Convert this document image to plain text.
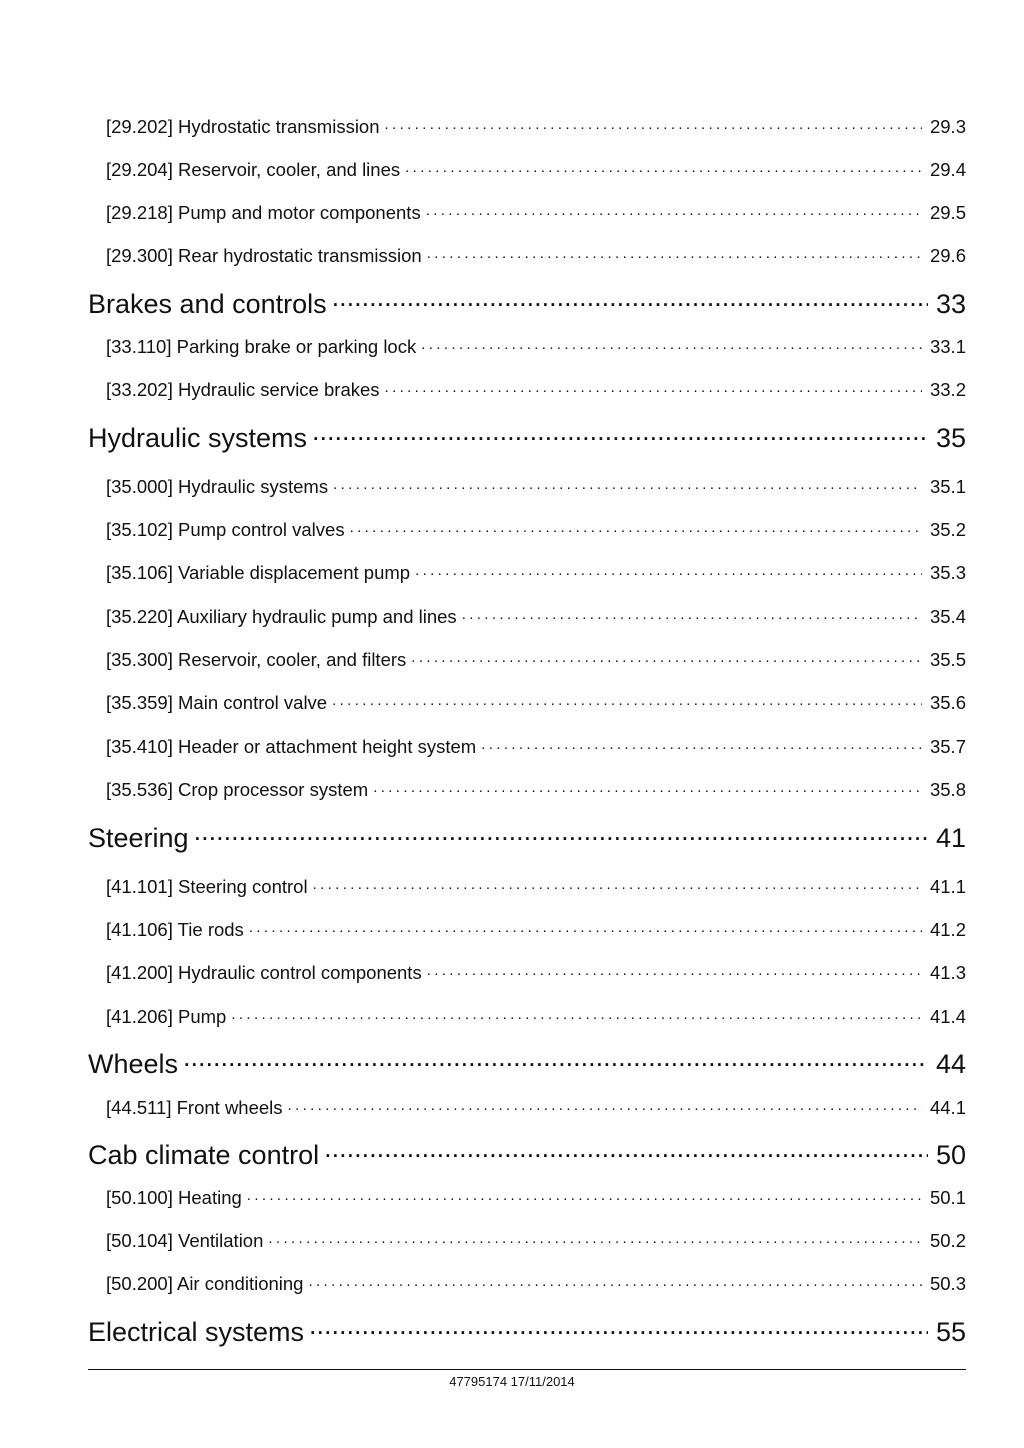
[29.202] Hydrostatic transmission . . .	29.3
[29.204] Reservoir, cooler, and lines . . .	29.4
[29.218] Pump and motor components . . .	29.5
[29.300] Rear hydrostatic transmission . . .	29.6
Brakes and controls .....	33
[33.110] Parking brake or parking lock . . .	33.1
[33.202] Hydraulic service brakes . . .	33.2
Hydraulic systems .....	35
[35.000] Hydraulic systems . . .	35.1
[35.102] Pump control valves . . .	35.2
[35.106] Variable displacement pump . . .	35.3
[35.220] Auxiliary hydraulic pump and lines . . .	35.4
[35.300] Reservoir, cooler, and filters . . .	35.5
[35.359] Main control valve . . .	35.6
[35.410] Header or attachment height system . . .	35.7
[35.536] Crop processor system . . .	35.8
Steering .....	41
[41.101] Steering control . . .	41.1
[41.106] Tie rods . . .	41.2
[41.200] Hydraulic control components . . .	41.3
[41.206] Pump . . .	41.4
Wheels .....	44
[44.511] Front wheels . . .	44.1
Cab climate control .....	50
[50.100] Heating . . .	50.1
[50.104] Ventilation . . .	50.2
[50.200] Air conditioning . . .	50.3
Electrical systems .....	55
47795174 17/11/2014
